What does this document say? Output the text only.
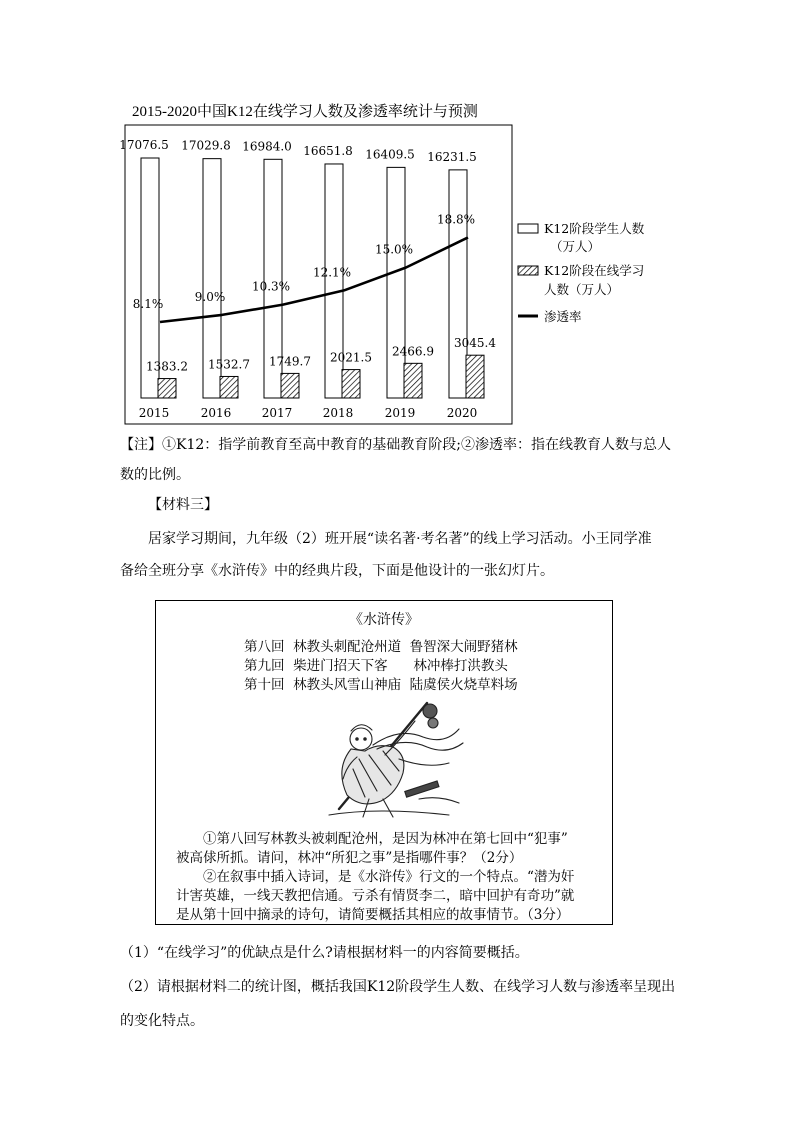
2015-2020中国K12在线学习人数及渗透率统计与预测
17076.5
1383.2
17029.8
1532.7
16984.0
1749.7
16651.8
2021.5
16409.5
2466.9
16231.5
3045.4
8.1%
9.0%
10.3%
12.1%
15.0%
18.8%
2015	2016	2017	2018	2019	2020
K12阶段学生人数
（万人）
K12阶段在线学习
人数（万人）
渗透率
【注】①K12：指学前教育至高中教育的基础教育阶段;②渗透率：指在线教育人数与总人
数的比例。
【材料三】
居家学习期间，九年级（2）班开展“读名著·考名著”的线上学习活动。小王同学准
备给全班分享《水浒传》中的经典片段，下面是他设计的一张幻灯片。
《水浒传》
第八回  林教头刺配沧州道  鲁智深大闹野猪林
第九回  柴进门招天下客      林冲棒打洪教头
第十回  林教头风雪山神庙  陆虞侯火烧草料场
①第八回写林教头被刺配沧州，是因为林冲在第七回中“犯事”
被高俅所抓。请问，林冲“所犯之事”是指哪件事？（2分）
②在叙事中插入诗词，是《水浒传》行文的一个特点。“潜为奸
计害英雄，一线天教把信通。亏杀有情贤李二，暗中回护有奇功”就
是从第十回中摘录的诗句，请简要概括其相应的故事情节。（3分）
（1）“在线学习”的优缺点是什么?请根据材料一的内容简要概括。
（2）请根据材料二的统计图，概括我国K12阶段学生人数、在线学习人数与渗透率呈现出
的变化特点。
